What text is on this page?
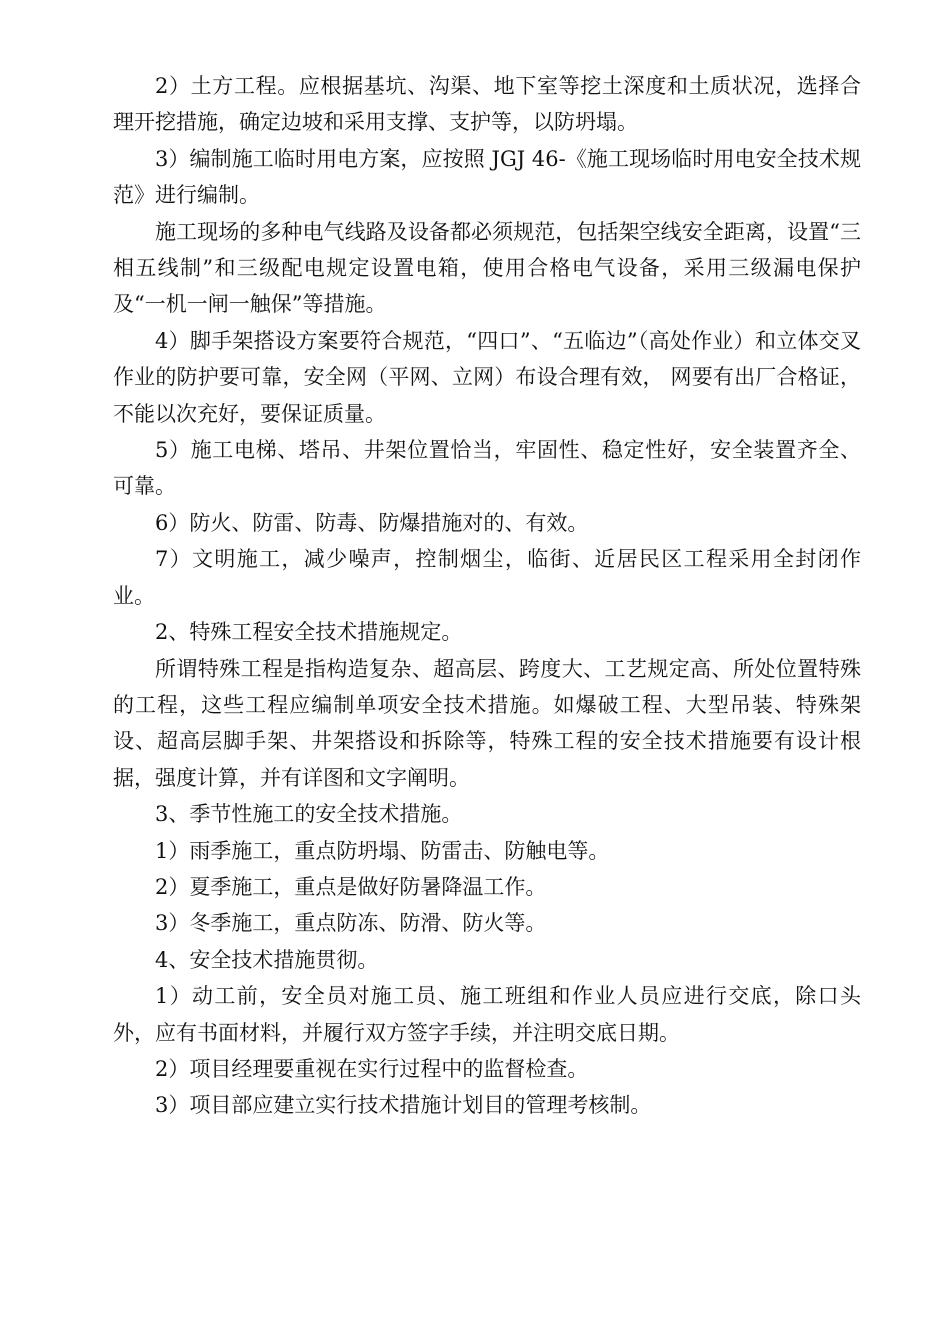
2）土方工程。应根据基坑、沟渠、地下室等挖土深度和土质状况，选择合理开挖措施，确定边坡和采用支撑、支护等，以防坍塌。

3）编制施工临时用电方案，应按照 JGJ 46-《施工现场临时用电安全技术规范》进行编制。

施工现场的多种电气线路及设备都必须规范，包括架空线安全距离，设置“三相五线制”和三级配电规定设置电箱，使用合格电气设备，采用三级漏电保护及“一机一闸一触保”等措施。

4）脚手架搭设方案要符合规范，“四口”、“五临边”（高处作业）和立体交叉作业的防护要可靠，安全网（平网、立网）布设合理有效， 网要有出厂合格证，不能以次充好，要保证质量。

5）施工电梯、塔吊、井架位置恰当，牢固性、稳定性好，安全装置齐全、可靠。

6）防火、防雷、防毒、防爆措施对的、有效。

7）文明施工，减少噪声，控制烟尘，临街、近居民区工程采用全封闭作业。

2、特殊工程安全技术措施规定。

所谓特殊工程是指构造复杂、超高层、跨度大、工艺规定高、所处位置特殊的工程，这些工程应编制单项安全技术措施。如爆破工程、大型吊装、特殊架设、超高层脚手架、井架搭设和拆除等，特殊工程的安全技术措施要有设计根据，强度计算，并有详图和文字阐明。

3、季节性施工的安全技术措施。

1）雨季施工，重点防坍塌、防雷击、防触电等。

2）夏季施工，重点是做好防暑降温工作。

3）冬季施工，重点防冻、防滑、防火等。

4、安全技术措施贯彻。

1）动工前，安全员对施工员、施工班组和作业人员应进行交底，除口头外，应有书面材料，并履行双方签字手续，并注明交底日期。

2）项目经理要重视在实行过程中的监督检查。

3）项目部应建立实行技术措施计划目的管理考核制。
